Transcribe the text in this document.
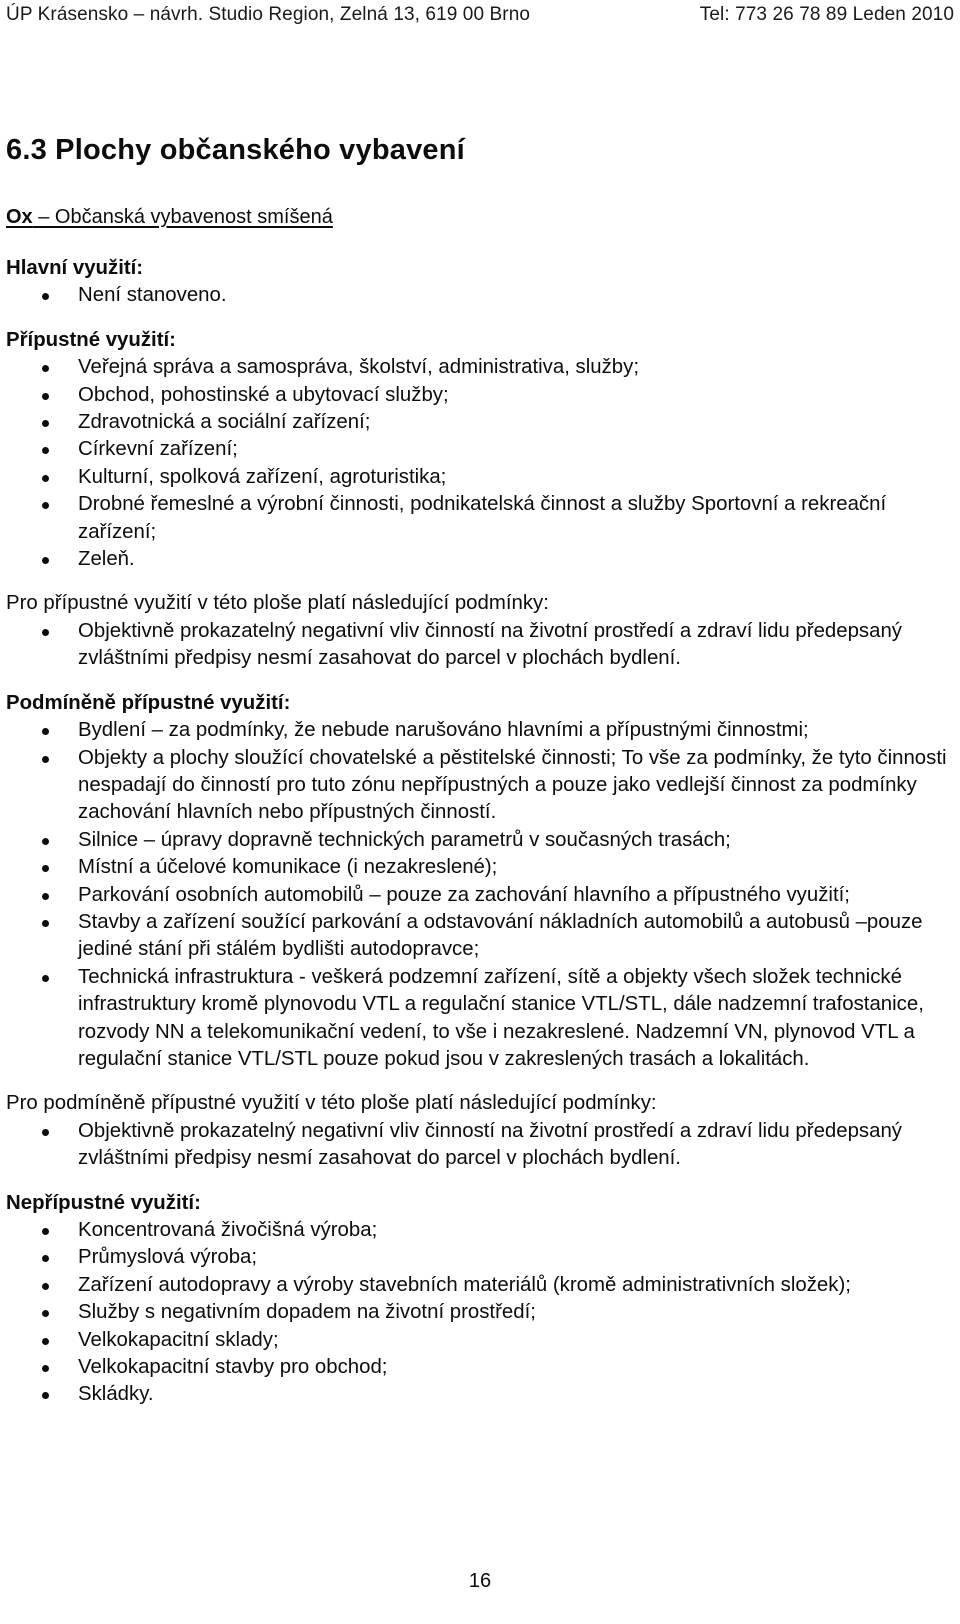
ÚP Krásensko – návrh. Studio Region, Zelná 13, 619 00 Brno	Tel: 773 26 78 89 Leden 2010
6.3 Plochy občanského vybavení
Ox – Občanská vybavenost smíšená
Hlavní využití:
Není stanoveno.
Přípustné využití:
Veřejná správa a samospráva, školství, administrativa, služby;
Obchod, pohostinské a ubytovací služby;
Zdravotnická a sociální zařízení;
Církevní zařízení;
Kulturní, spolková zařízení, agroturistika;
Drobné řemeslné a výrobní činnosti, podnikatelská činnost a služby Sportovní a rekreační zařízení;
Zeleň.
Pro přípustné využití v této ploše platí následující podmínky:
Objektivně prokazatelný negativní vliv činností na životní prostředí a zdraví lidu předepsaný zvláštními předpisy nesmí zasahovat do parcel v plochách bydlení.
Podmíněně přípustné využití:
Bydlení – za podmínky, že nebude narušováno hlavními a přípustnými činnostmi;
Objekty a plochy sloužící chovatelské a pěstitelské činnosti; To vše za podmínky, že tyto činnosti nespadají do činností pro tuto zónu nepřípustných a pouze jako vedlejší činnost za podmínky zachování hlavních nebo přípustných činností.
Silnice – úpravy dopravně technických parametrů v současných trasách;
Místní a účelové komunikace (i nezakreslené);
Parkování osobních automobilů – pouze za zachování hlavního a přípustného využití;
Stavby a zařízení soužící parkování a odstavování nákladních automobilů a autobusů –pouze jediné stání při stálém bydlišti autodopravce;
Technická infrastruktura - veškerá podzemní zařízení, sítě a objekty všech složek technické infrastruktury kromě plynovodu VTL a regulační stanice VTL/STL, dále nadzemní trafostanice, rozvody NN a telekomunikační vedení, to vše i nezakreslené. Nadzemní VN, plynovod VTL a regulační stanice VTL/STL pouze pokud jsou v zakreslených trasách a lokalitách.
Pro podmíněně přípustné využití v této ploše platí následující podmínky:
Objektivně prokazatelný negativní vliv činností na životní prostředí a zdraví lidu předepsaný zvláštními předpisy nesmí zasahovat do parcel v plochách bydlení.
Nepřípustné využití:
Koncentrovaná živočišná výroba;
Průmyslová výroba;
Zařízení autodopravy a výroby stavebních materiálů (kromě administrativních složek);
Služby s negativním dopadem na životní prostředí;
Velkokapacitní sklady;
Velkokapacitní stavby pro obchod;
Skládky.
16
